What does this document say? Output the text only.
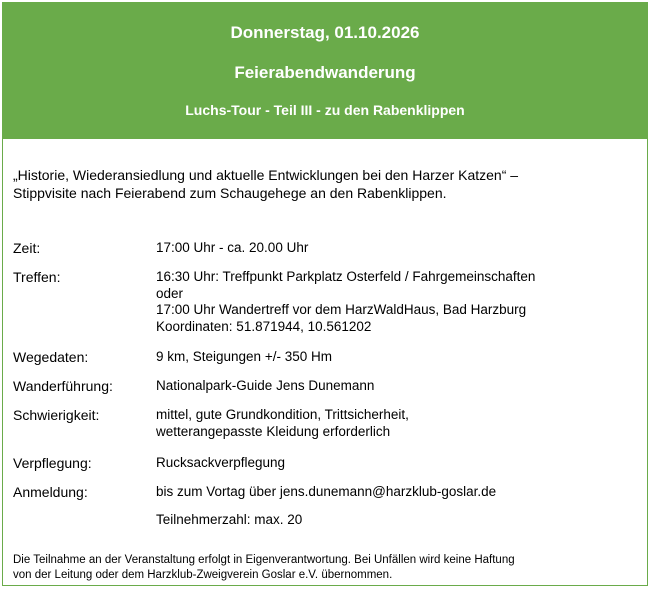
Donnerstag, 01.10.2026
Feierabendwanderung
Luchs-Tour - Teil III - zu den Rabenklippen
„Historie, Wiederansiedlung und aktuelle Entwicklungen bei den Harzer Katzen“ –
Stippvisite nach Feierabend zum Schaugehege an den Rabenklippen.
Zeit:	17:00 Uhr - ca. 20.00 Uhr
Treffen:	16:30 Uhr: Treffpunkt Parkplatz Osterfeld / Fahrgemeinschaften
oder
17:00 Uhr Wandertreff vor dem HarzWaldHaus, Bad Harzburg
Koordinaten: 51.871944, 10.561202
Wegedaten:	9 km, Steigungen +/- 350 Hm
Wanderführung:	Nationalpark-Guide Jens Dunemann
Schwierigkeit:	mittel, gute Grundkondition, Trittsicherheit,
wetterangepasste Kleidung erforderlich
Verpflegung:	Rucksackverpflegung
Anmeldung:	bis zum Vortag über jens.dunemann@harzklub-goslar.de
Teilnehmerzahl: max. 20
Die Teilnahme an der Veranstaltung erfolgt in Eigenverantwortung. Bei Unfällen wird keine Haftung
von der Leitung oder dem Harzklub-Zweigverein Goslar e.V. übernommen.
